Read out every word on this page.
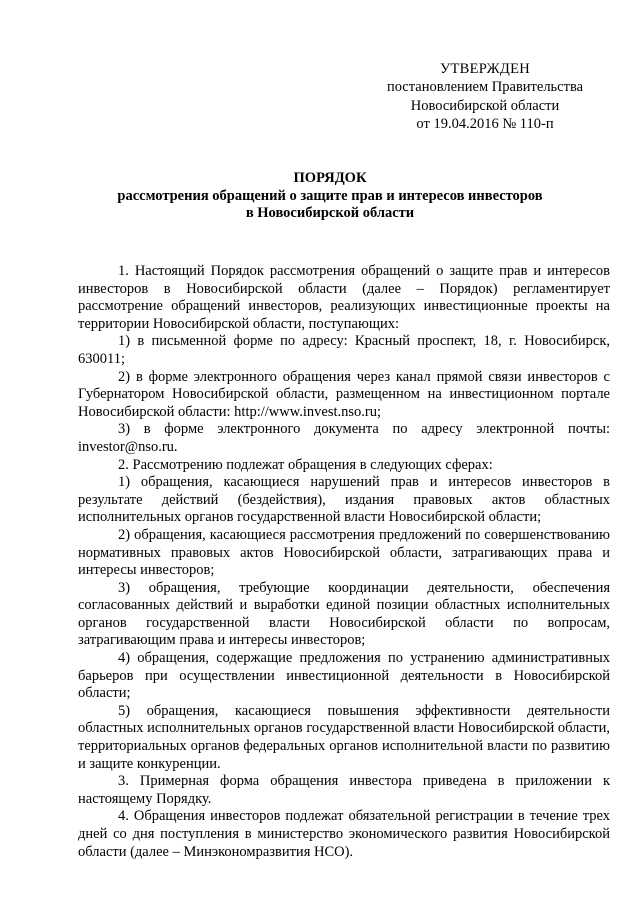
УТВЕРЖДЕН
постановлением Правительства
Новосибирской области
от 19.04.2016 № 110-п
ПОРЯДОК
рассмотрения обращений о защите прав и интересов инвесторов
в Новосибирской области

1. Настоящий Порядок рассмотрения обращений о защите прав и интересов инвесторов в Новосибирской области (далее – Порядок) регламентирует рассмотрение обращений инвесторов, реализующих инвестиционные проекты на территории Новосибирской области, поступающих:

1) в письменной форме по адресу: Красный проспект, 18, г. Новосибирск, 630011;

2) в форме электронного обращения через канал прямой связи инвесторов с Губернатором Новосибирской области, размещенном на инвестиционном портале Новосибирской области: http://www.invest.nso.ru;

3) в форме электронного документа по адресу электронной почты: investor@nso.ru.

2. Рассмотрению подлежат обращения в следующих сферах:

1) обращения, касающиеся нарушений прав и интересов инвесторов в результате действий (бездействия), издания правовых актов областных исполнительных органов государственной власти Новосибирской области;

2) обращения, касающиеся рассмотрения предложений по совершенствованию нормативных правовых актов Новосибирской области, затрагивающих права и интересы инвесторов;

3) обращения, требующие координации деятельности, обеспечения согласованных действий и выработки единой позиции областных исполнительных органов государственной власти Новосибирской области по вопросам, затрагивающим права и интересы инвесторов;

4) обращения, содержащие предложения по устранению административных барьеров при осуществлении инвестиционной деятельности в Новосибирской области;

5) обращения, касающиеся повышения эффективности деятельности областных исполнительных органов государственной власти Новосибирской области, территориальных органов федеральных органов исполнительной власти по развитию и защите конкуренции.

3. Примерная форма обращения инвестора приведена в приложении к настоящему Порядку.

4. Обращения инвесторов подлежат обязательной регистрации в течение трех дней со дня поступления в министерство экономического развития Новосибирской области (далее – Минэкономразвития НСО).
